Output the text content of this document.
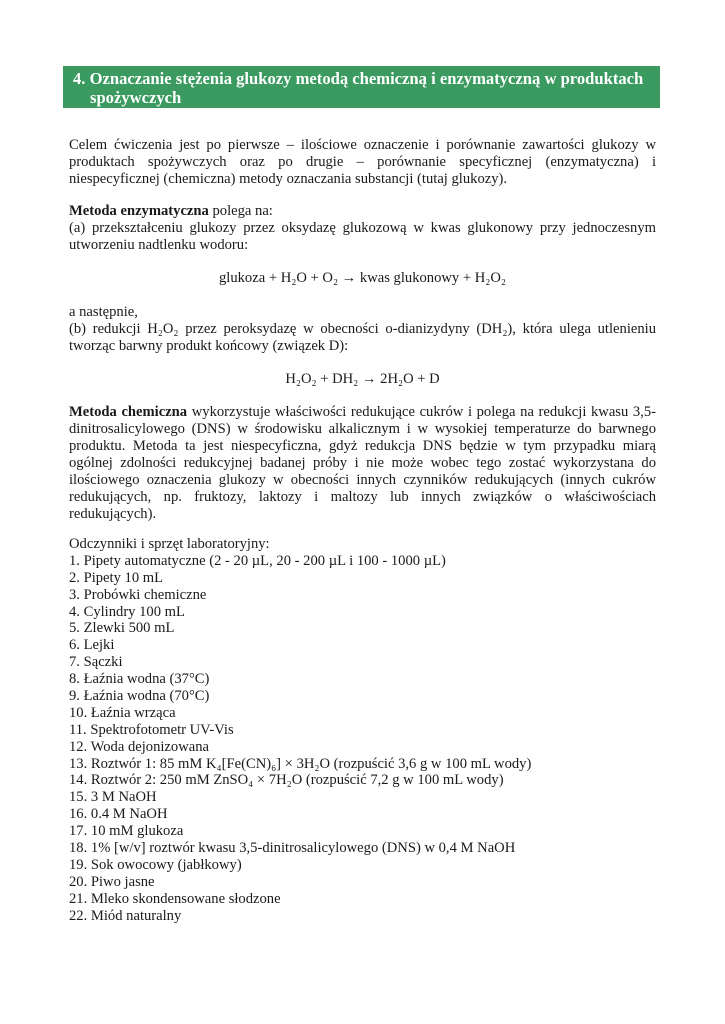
4. Oznaczanie stężenia glukozy metodą chemiczną i enzymatyczną w produktach
spożywczych
Celem ćwiczenia jest po pierwsze – ilościowe oznaczenie i porównanie zawartości glukozy w
produktach spożywczych oraz po drugie – porównanie specyficznej (enzymatyczna) i
niespecyficznej (chemiczna) metody oznaczania substancji (tutaj glukozy).
Metoda enzymatyczna polega na:
(a) przekształceniu glukozy przez oksydazę glukozową w kwas glukonowy przy jednoczesnym
utworzeniu nadtlenku wodoru:
glukoza + H₂O + O₂ → kwas glukonowy + H₂O₂
a następnie,
(b) redukcji H₂O₂ przez peroksydazę w obecności o-dianizydyny (DH₂), która ulega utlenieniu
tworząc barwny produkt końcowy (związek D):
H₂O₂ + DH₂ → 2H₂O + D
Metoda chemiczna wykorzystuje właściwości redukujące cukrów i polega na redukcji kwasu 3,5-
dinitrosalicylowego (DNS) w środowisku alkalicznym i w wysokiej temperaturze do barwnego
produktu. Metoda ta jest niespecyficzna, gdyż redukcja DNS będzie w tym przypadku miarą
ogólnej zdolności redukcyjnej badanej próby i nie może wobec tego zostać wykorzystana do
ilościowego oznaczenia glukozy w obecności innych czynników redukujących (innych cukrów
redukujących, np. fruktozy, laktozy i maltozy lub innych związków o właściwościach
redukujących).
Odczynniki i sprzęt laboratoryjny:
1. Pipety automatyczne (2 - 20 µL, 20 - 200 µL i 100 - 1000 µL)
2. Pipety 10 mL
3. Probówki chemiczne
4. Cylindry 100 mL
5. Zlewki 500 mL
6. Lejki
7. Sączki
8. Łaźnia wodna (37°C)
9. Łaźnia wodna (70°C)
10. Łaźnia wrząca
11. Spektrofotometr UV-Vis
12. Woda dejonizowana
13. Roztwór 1: 85 mM K₄[Fe(CN)₆] × 3H₂O (rozpuścić 3,6 g w 100 mL wody)
14. Roztwór 2: 250 mM ZnSO₄ × 7H₂O (rozpuścić 7,2 g w 100 mL wody)
15. 3 M NaOH
16. 0.4 M NaOH
17. 10 mM glukoza
18. 1% [w/v] roztwór kwasu 3,5-dinitrosalicylowego (DNS) w 0,4 M NaOH
19. Sok owocowy (jabłkowy)
20. Piwo jasne
21. Mleko skondensowane słodzone
22. Miód naturalny
